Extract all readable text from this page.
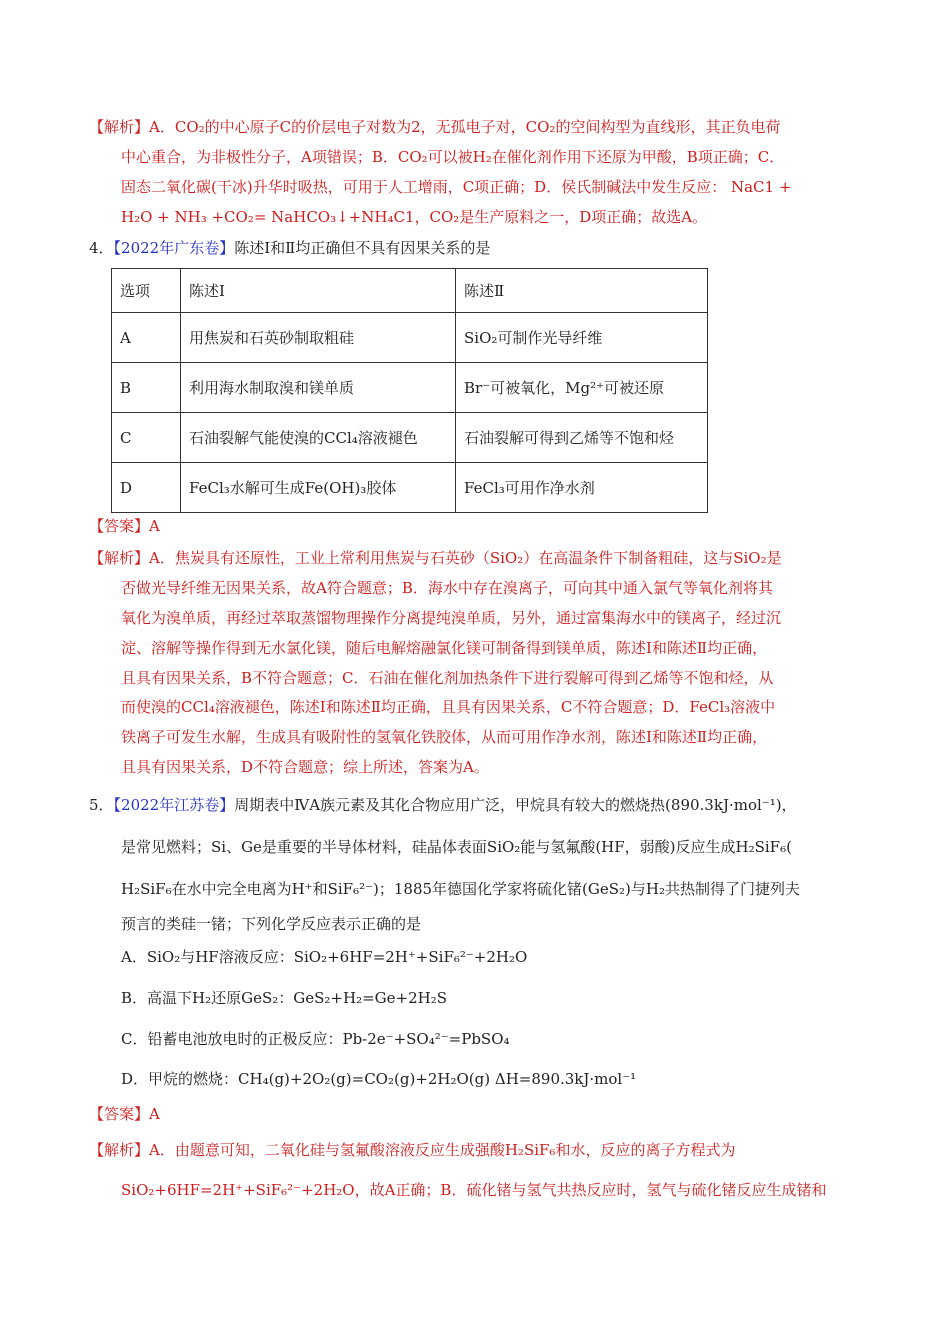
【解析】A．CO₂的中心原子C的价层电子对数为2，无孤电子对，CO₂的空间构型为直线形，其正负电荷
中心重合，为非极性分子，A项错误；B．CO₂可以被H₂在催化剂作用下还原为甲酸，B项正确；C．
固态二氧化碳(干冰)升华时吸热，可用于人工增雨，C项正确；D．侯氏制碱法中发生反应： NaC1 +
H₂O + NH₃ +CO₂= NaHCO₃↓+NH₄C1，CO₂是生产原料之一，D项正确；故选A。
4．【2022年广东卷】陈述Ⅰ和Ⅱ均正确但不具有因果关系的是
选项	陈述Ⅰ	陈述Ⅱ
A	用焦炭和石英砂制取粗硅	SiO₂可制作光导纤维
B	利用海水制取溴和镁单质	Br⁻可被氧化，Mg²⁺可被还原
C	石油裂解气能使溴的CCl₄溶液褪色	石油裂解可得到乙烯等不饱和烃
D	FeCl₃水解可生成Fe(OH)₃胶体	FeCl₃可用作净水剂
【答案】A
【解析】A．焦炭具有还原性，工业上常利用焦炭与石英砂（SiO₂）在高温条件下制备粗硅，这与SiO₂是
否做光导纤维无因果关系，故A符合题意；B．海水中存在溴离子，可向其中通入氯气等氧化剂将其
氧化为溴单质，再经过萃取蒸馏物理操作分离提纯溴单质，另外，通过富集海水中的镁离子，经过沉
淀、溶解等操作得到无水氯化镁，随后电解熔融氯化镁可制备得到镁单质，陈述Ⅰ和陈述Ⅱ均正确，
且具有因果关系，B不符合题意；C．石油在催化剂加热条件下进行裂解可得到乙烯等不饱和烃，从
而使溴的CCl₄溶液褪色，陈述Ⅰ和陈述Ⅱ均正确，且具有因果关系，C不符合题意；D．FeCl₃溶液中
铁离子可发生水解，生成具有吸附性的氢氧化铁胶体，从而可用作净水剂，陈述Ⅰ和陈述Ⅱ均正确，
且具有因果关系，D不符合题意；综上所述，答案为A。
5．【2022年江苏卷】周期表中ⅣA族元素及其化合物应用广泛，甲烷具有较大的燃烧热(890.3kJ·mol⁻¹)，
是常见燃料；Si、Ge是重要的半导体材料，硅晶体表面SiO₂能与氢氟酸(HF，弱酸)反应生成H₂SiF₆(
H₂SiF₆在水中完全电离为H⁺和SiF₆²⁻)；1885年德国化学家将硫化锗(GeS₂)与H₂共热制得了门捷列夫
预言的类硅一锗；下列化学反应表示正确的是
A．SiO₂与HF溶液反应：SiO₂+6HF=2H⁺+SiF₆²⁻+2H₂O
B．高温下H₂还原GeS₂：GeS₂+H₂=Ge+2H₂S
C．铅蓄电池放电时的正极反应：Pb-2e⁻+SO₄²⁻=PbSO₄
D．甲烷的燃烧：CH₄(g)+2O₂(g)=CO₂(g)+2H₂O(g) ΔH=890.3kJ·mol⁻¹
【答案】A
【解析】A．由题意可知，二氧化硅与氢氟酸溶液反应生成强酸H₂SiF₆和水，反应的离子方程式为
SiO₂+6HF=2H⁺+SiF₆²⁻+2H₂O，故A正确；B．硫化锗与氢气共热反应时，氢气与硫化锗反应生成锗和
